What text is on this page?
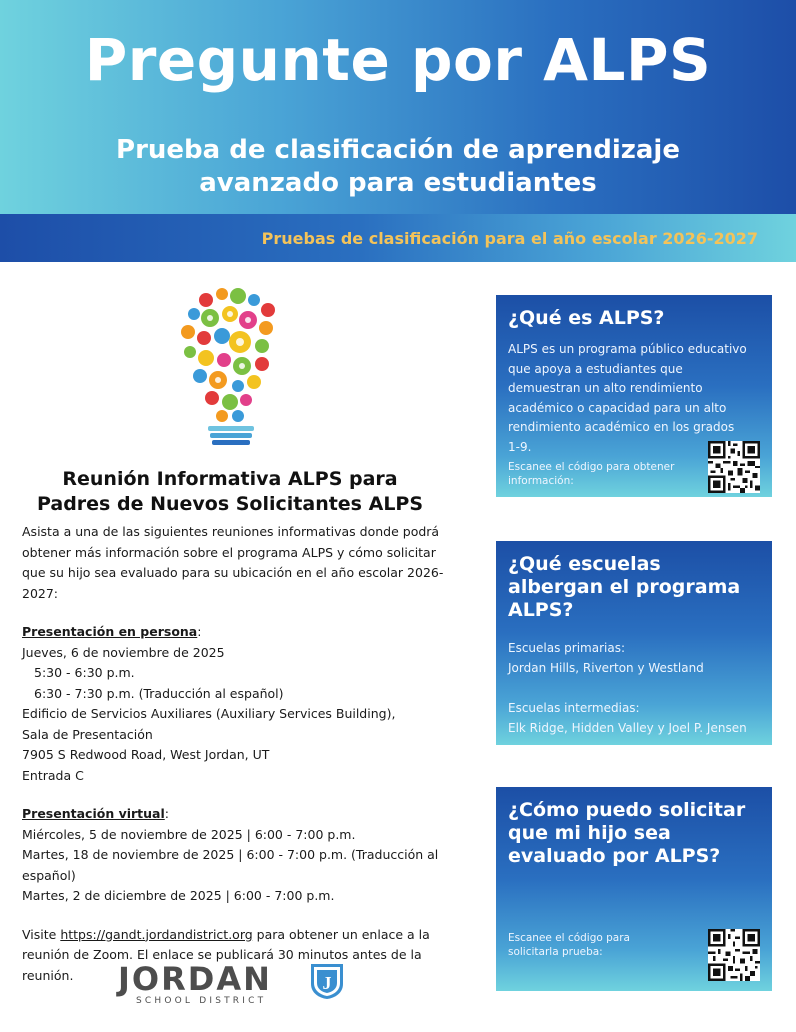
Pregunte por ALPS
Prueba de clasificación de aprendizaje
avanzado para estudiantes
Pruebas de clasificación para el año escolar 2026-2027
Reunión Informativa ALPS para
Padres de Nuevos Solicitantes ALPS

Asista a una de las siguientes reuniones informativas donde podrá obtener más información sobre el programa ALPS y cómo solicitar que su hijo sea evaluado para su ubicación en el año escolar 2026-2027:

Presentación en persona:

Jueves, 6 de noviembre de 2025

5:30 - 6:30 p.m.

6:30 - 7:30 p.m. (Traducción al español)

Edificio de Servicios Auxiliares (Auxiliary Services Building),

Sala de Presentación

7905 S Redwood Road, West Jordan, UT

Entrada C

Presentación virtual:

Miércoles, 5 de noviembre de 2025 | 6:00 - 7:00 p.m.

Martes, 18 de noviembre de 2025 | 6:00 - 7:00 p.m. (Traducción al español)

Martes, 2 de diciembre de 2025 | 6:00 - 7:00 p.m.

Visite https://gandt.jordandistrict.org para obtener un enlace a la reunión de Zoom. El enlace se publicará 30 minutos antes de la reunión.	JORDAN
SCHOOL DISTRICT
J
¿Qué es ALPS?
ALPS es un programa público educativo que apoya a estudiantes que demuestran un alto rendimiento académico o capacidad para un alto rendimiento académico en los grados 1-9.
Escanee el código para obtener información:
¿Qué escuelas albergan el programa ALPS?
Escuelas primarias:
Jordan Hills, Riverton y Westland
Escuelas intermedias:
Elk Ridge, Hidden Valley y Joel P. Jensen
¿Cómo puedo solicitar que mi hijo sea evaluado por ALPS?
Escanee el código para solicitarla prueba:
